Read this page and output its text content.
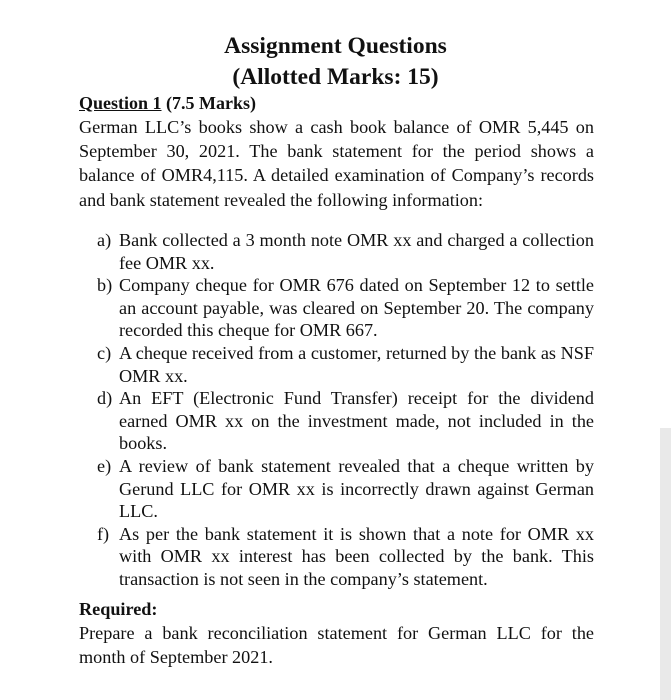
Assignment Questions
(Allotted Marks: 15)
Question 1 (7.5 Marks)
German LLC’s books show a cash book balance of OMR 5,445 on September 30, 2021. The bank statement for the period shows a balance of OMR4,115. A detailed examination of Company’s records and bank statement revealed the following information:
a) Bank collected a 3 month note OMR xx and charged a collection fee OMR xx.
b) Company cheque for OMR 676 dated on September 12 to settle an account payable, was cleared on September 20. The company recorded this cheque for OMR 667.
c) A cheque received from a customer, returned by the bank as NSF OMR xx.
d) An EFT (Electronic Fund Transfer) receipt for the dividend earned OMR xx on the investment made, not included in the books.
e) A review of bank statement revealed that a cheque written by Gerund LLC for OMR xx is incorrectly drawn against German LLC.
f) As per the bank statement it is shown that a note for OMR xx with OMR xx interest has been collected by the bank. This transaction is not seen in the company’s statement.
Required:
Prepare a bank reconciliation statement for German LLC for the month of September 2021.
